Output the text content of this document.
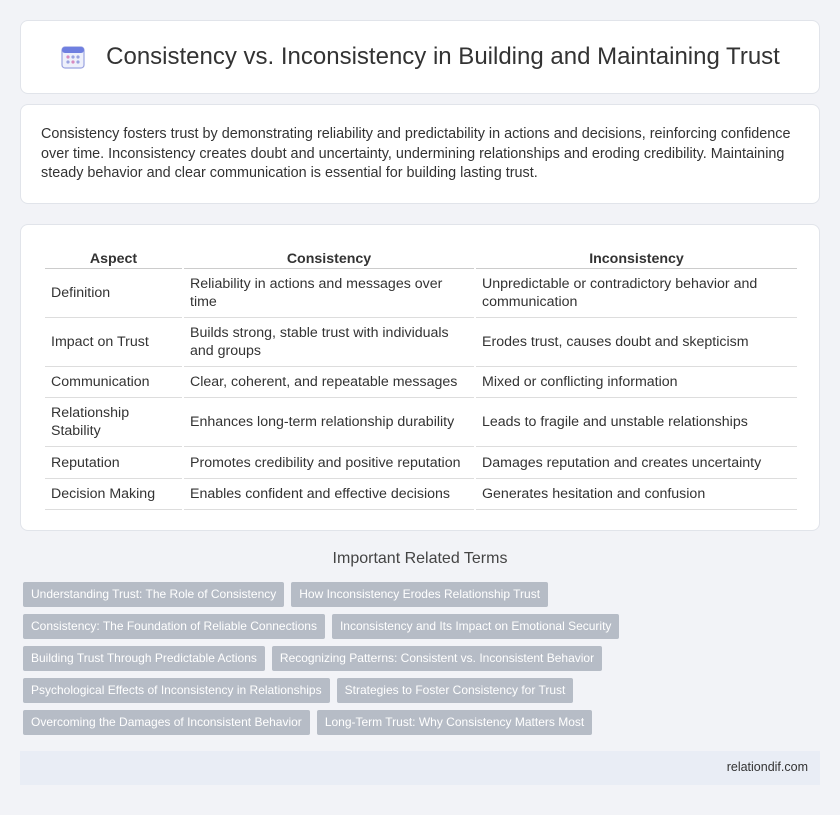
Consistency vs. Inconsistency in Building and Maintaining Trust

Consistency fosters trust by demonstrating reliability and predictability in actions and decisions, reinforcing confidence over time. Inconsistency creates doubt and uncertainty, undermining relationships and eroding credibility. Maintaining steady behavior and clear communication is essential for building lasting trust.

Aspect	Consistency	Inconsistency
Definition	Reliability in actions and messages over time	Unpredictable or contradictory behavior and communication
Impact on Trust	Builds strong, stable trust with individuals and groups	Erodes trust, causes doubt and skepticism
Communication	Clear, coherent, and repeatable messages	Mixed or conflicting information
Relationship Stability	Enhances long-term relationship durability	Leads to fragile and unstable relationships
Reputation	Promotes credibility and positive reputation	Damages reputation and creates uncertainty
Decision Making	Enables confident and effective decisions	Generates hesitation and confusion
Important Related Terms
Understanding Trust: The Role of Consistency	How Inconsistency Erodes Relationship Trust
Consistency: The Foundation of Reliable Connections	Inconsistency and Its Impact on Emotional Security
Building Trust Through Predictable Actions	Recognizing Patterns: Consistent vs. Inconsistent Behavior
Psychological Effects of Inconsistency in Relationships	Strategies to Foster Consistency for Trust
Overcoming the Damages of Inconsistent Behavior	Long-Term Trust: Why Consistency Matters Most
relationdif.com
